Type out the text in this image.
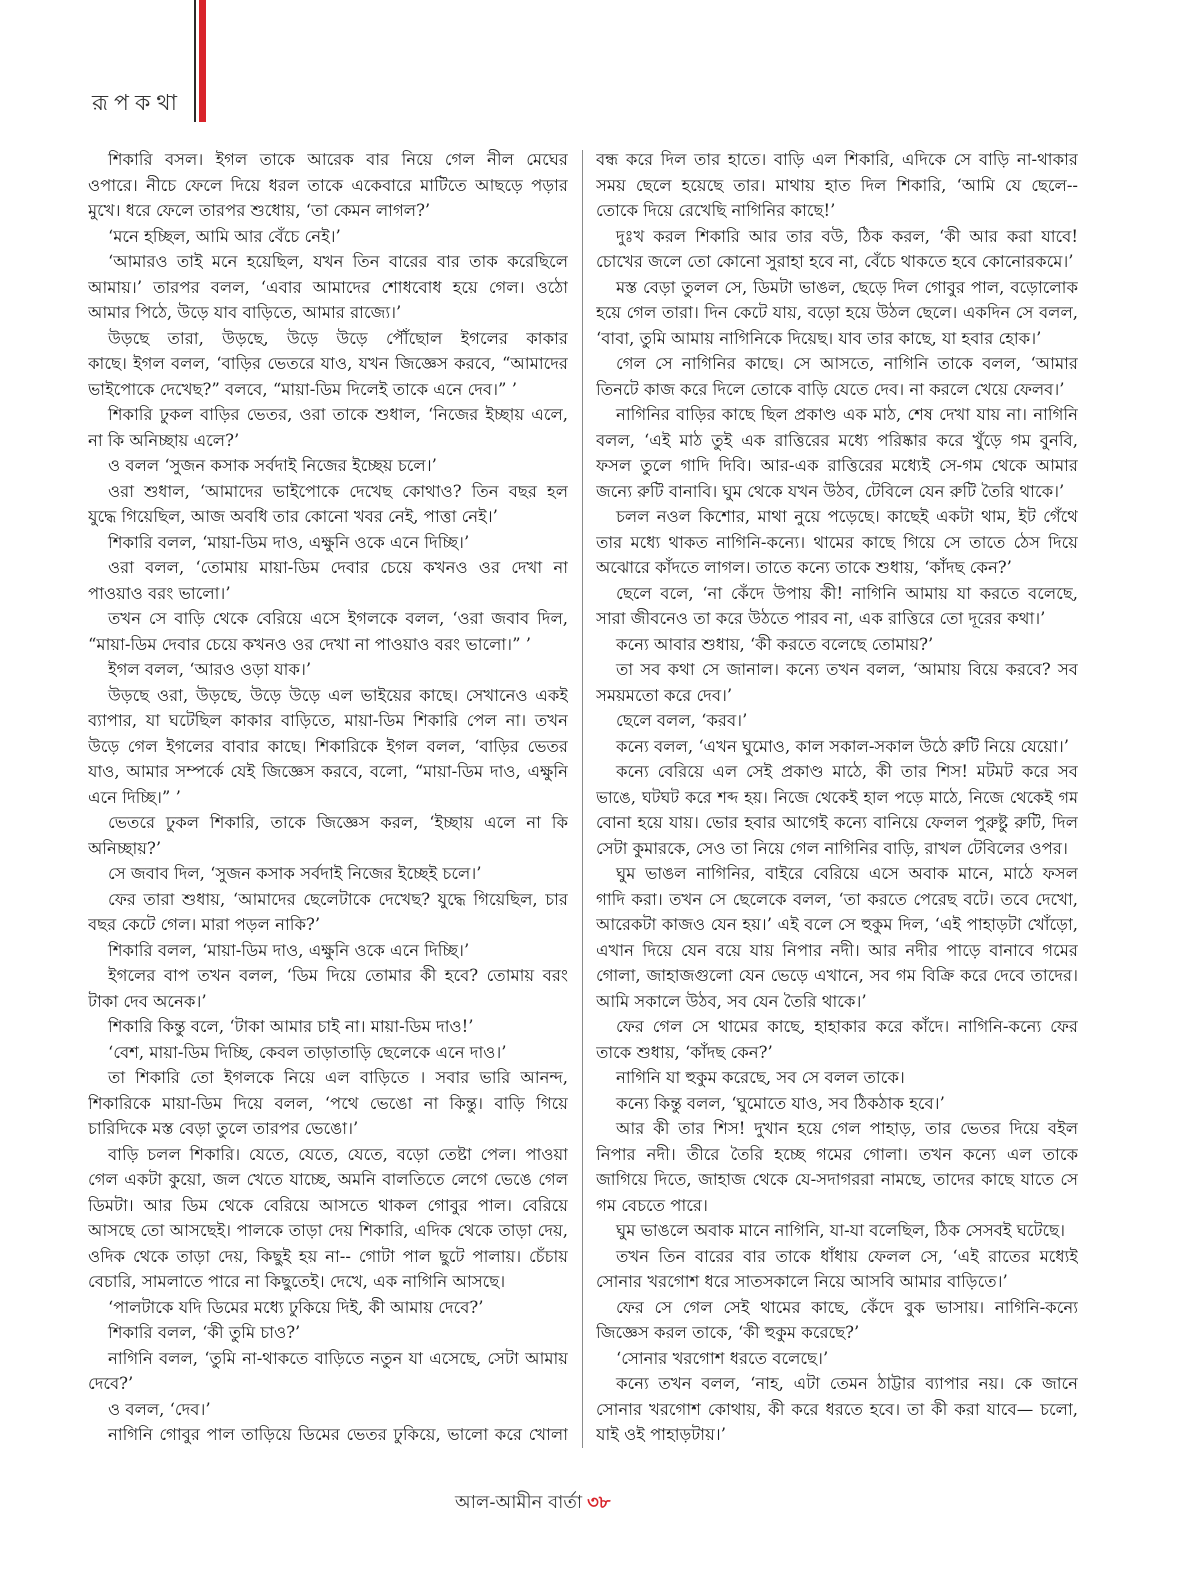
রূপকথা
শিকারি বসল। ইগল তাকে আরেক বার নিয়ে গেল নীল মেঘের
ওপারে। নীচে ফেলে দিয়ে ধরল তাকে একেবারে মাটিতে আছড়ে পড়ার
মুখে। ধরে ফেলে তারপর শুধোয়, ‘তা কেমন লাগল?’
‘মনে হচ্ছিল, আমি আর বেঁচে নেই।’
‘আমারও তাই মনে হয়েছিল, যখন তিন বারের বার তাক করেছিলে
আমায়।’ তারপর বলল, ‘এবার আমাদের শোধবোধ হয়ে গেল। ওঠো
আমার পিঠে, উড়ে যাব বাড়িতে, আমার রাজ্যে।’
উড়ছে তারা, উড়ছে, উড়ে উড়ে পৌঁছোল ইগলের কাকার
কাছে। ইগল বলল, ‘বাড়ির ভেতরে যাও, যখন জিজ্ঞেস করবে, “আমাদের
ভাইপোকে দেখেছ?” বলবে, “মায়া-ডিম দিলেই তাকে এনে দেব।” ’
শিকারি ঢুকল বাড়ির ভেতর, ওরা তাকে শুধাল, ‘নিজের ইচ্ছায় এলে,
না কি অনিচ্ছায় এলে?’
ও বলল ‘সুজন কসাক সর্বদাই নিজের ইচ্ছেয় চলে।’
ওরা শুধাল, ‘আমাদের ভাইপোকে দেখেছ কোথাও? তিন বছর হল
যুদ্ধে গিয়েছিল, আজ অবধি তার কোনো খবর নেই, পাত্তা নেই।’
শিকারি বলল, ‘মায়া-ডিম দাও, এক্ষুনি ওকে এনে দিচ্ছি।’
ওরা বলল, ‘তোমায় মায়া-ডিম দেবার চেয়ে কখনও ওর দেখা না
পাওয়াও বরং ভালো।’
তখন সে বাড়ি থেকে বেরিয়ে এসে ইগলকে বলল, ‘ওরা জবাব দিল,
“মায়া-ডিম দেবার চেয়ে কখনও ওর দেখা না পাওয়াও বরং ভালো।” ’
ইগল বলল, ‘আরও ওড়া যাক।’
উড়ছে ওরা, উড়ছে, উড়ে উড়ে এল ভাইয়ের কাছে। সেখানেও একই
ব্যাপার, যা ঘটেছিল কাকার বাড়িতে, মায়া-ডিম শিকারি পেল না। তখন
উড়ে গেল ইগলের বাবার কাছে। শিকারিকে ইগল বলল, ‘বাড়ির ভেতর
যাও, আমার সম্পর্কে যেই জিজ্ঞেস করবে, বলো, “মায়া-ডিম দাও, এক্ষুনি
এনে দিচ্ছি।” ’
ভেতরে ঢুকল শিকারি, তাকে জিজ্ঞেস করল, ‘ইচ্ছায় এলে না কি
অনিচ্ছায়?’
সে জবাব দিল, ‘সুজন কসাক সর্বদাই নিজের ইচ্ছেই চলে।’
ফের তারা শুধায়, ‘আমাদের ছেলেটাকে দেখেছ? যুদ্ধে গিয়েছিল, চার
বছর কেটে গেল। মারা পড়ল নাকি?’
শিকারি বলল, ‘মায়া-ডিম দাও, এক্ষুনি ওকে এনে দিচ্ছি।’
ইগলের বাপ তখন বলল, ‘ডিম দিয়ে তোমার কী হবে? তোমায় বরং
টাকা দেব অনেক।’
শিকারি কিন্তু বলে, ‘টাকা আমার চাই না। মায়া-ডিম দাও!’
‘বেশ, মায়া-ডিম দিচ্ছি, কেবল তাড়াতাড়ি ছেলেকে এনে দাও।’
তা শিকারি তো ইগলকে নিয়ে এল বাড়িতে । সবার ভারি আনন্দ,
শিকারিকে মায়া-ডিম দিয়ে বলল, ‘পথে ভেঙো না কিন্তু। বাড়ি গিয়ে
চারিদিকে মস্ত বেড়া তুলে তারপর ভেঙো।’
বাড়ি চলল শিকারি। যেতে, যেতে, যেতে, বড়ো তেষ্টা পেল। পাওয়া
গেল একটা কুয়ো, জল খেতে যাচ্ছে, অমনি বালতিতে লেগে ভেঙে গেল
ডিমটা। আর ডিম থেকে বেরিয়ে আসতে থাকল গোবুর পাল। বেরিয়ে
আসছে তো আসছেই। পালকে তাড়া দেয় শিকারি, এদিক থেকে তাড়া দেয়,
ওদিক থেকে তাড়া দেয়, কিছুই হয় না-- গোটা পাল ছুটে পালায়। চেঁচায়
বেচারি, সামলাতে পারে না কিছুতেই। দেখে, এক নাগিনি আসছে।
‘পালটাকে যদি ডিমের মধ্যে ঢুকিয়ে দিই, কী আমায় দেবে?’
শিকারি বলল, ‘কী তুমি চাও?’
নাগিনি বলল, ‘তুমি না-থাকতে বাড়িতে নতুন যা এসেছে, সেটা আমায়
দেবে?’
ও বলল, ‘দেব।’
নাগিনি গোবুর পাল তাড়িয়ে ডিমের ভেতর ঢুকিয়ে, ভালো করে খোলা
বন্ধ করে দিল তার হাতে। বাড়ি এল শিকারি, এদিকে সে বাড়ি না-থাকার
সময় ছেলে হয়েছে তার। মাথায় হাত দিল শিকারি, ‘আমি যে ছেলে--
তোকে দিয়ে রেখেছি নাগিনির কাছে!’
দুঃখ করল শিকারি আর তার বউ, ঠিক করল, ‘কী আর করা যাবে!
চোখের জলে তো কোনো সুরাহা হবে না, বেঁচে থাকতে হবে কোনোরকমে।’
মস্ত বেড়া তুলল সে, ডিমটা ভাঙল, ছেড়ে দিল গোবুর পাল, বড়োলোক
হয়ে গেল তারা। দিন কেটে যায়, বড়ো হয়ে উঠল ছেলে। একদিন সে বলল,
‘বাবা, তুমি আমায় নাগিনিকে দিয়েছ। যাব তার কাছে, যা হবার হোক।’
গেল সে নাগিনির কাছে। সে আসতে, নাগিনি তাকে বলল, ‘আমার
তিনটে কাজ করে দিলে তোকে বাড়ি যেতে দেব। না করলে খেয়ে ফেলব।’
নাগিনির বাড়ির কাছে ছিল প্রকাণ্ড এক মাঠ, শেষ দেখা যায় না। নাগিনি
বলল, ‘এই মাঠ তুই এক রাত্তিরের মধ্যে পরিষ্কার করে খুঁড়ে গম বুনবি,
ফসল তুলে গাদি দিবি। আর-এক রাত্তিরের মধ্যেই সে-গম থেকে আমার
জন্যে রুটি বানাবি। ঘুম থেকে যখন উঠব, টেবিলে যেন রুটি তৈরি থাকে।’
চলল নওল কিশোর, মাথা নুয়ে পড়েছে। কাছেই একটা থাম, ইট গেঁথে
তার মধ্যে থাকত নাগিনি-কন্যে। থামের কাছে গিয়ে সে তাতে ঠেস দিয়ে
অঝোরে কাঁদতে লাগল। তাতে কন্যে তাকে শুধায়, ‘কাঁদছ কেন?’
ছেলে বলে, ‘না কেঁদে উপায় কী! নাগিনি আমায় যা করতে বলেছে,
সারা জীবনেও তা করে উঠতে পারব না, এক রাত্তিরে তো দূরের কথা।’
কন্যে আবার শুধায়, ‘কী করতে বলেছে তোমায়?’
তা সব কথা সে জানাল। কন্যে তখন বলল, ‘আমায় বিয়ে করবে? সব
সময়মতো করে দেব।’
ছেলে বলল, ‘করব।’
কন্যে বলল, ‘এখন ঘুমোও, কাল সকাল-সকাল উঠে রুটি নিয়ে যেয়ো।’
কন্যে বেরিয়ে এল সেই প্রকাণ্ড মাঠে, কী তার শিস! মটমট করে সব
ভাঙে, ঘটঘট করে শব্দ হয়। নিজে থেকেই হাল পড়ে মাঠে, নিজে থেকেই গম
বোনা হয়ে যায়। ভোর হবার আগেই কন্যে বানিয়ে ফেলল পুরুষ্টু রুটি, দিল
সেটা কুমারকে, সেও তা নিয়ে গেল নাগিনির বাড়ি, রাখল টেবিলের ওপর।
ঘুম ভাঙল নাগিনির, বাইরে বেরিয়ে এসে অবাক মানে, মাঠে ফসল
গাদি করা। তখন সে ছেলেকে বলল, ‘তা করতে পেরেছ বটে। তবে দেখো,
আরেকটা কাজও যেন হয়।’ এই বলে সে হুকুম দিল, ‘এই পাহাড়টা খোঁড়ো,
এখান দিয়ে যেন বয়ে যায় নিপার নদী। আর নদীর পাড়ে বানাবে গমের
গোলা, জাহাজগুলো যেন ভেড়ে এখানে, সব গম বিক্রি করে দেবে তাদের।
আমি সকালে উঠব, সব যেন তৈরি থাকে।’
ফের গেল সে থামের কাছে, হাহাকার করে কাঁদে। নাগিনি-কন্যে ফের
তাকে শুধায়, ‘কাঁদছ কেন?’
নাগিনি যা হুকুম করেছে, সব সে বলল তাকে।
কন্যে কিন্তু বলল, ‘ঘুমোতে যাও, সব ঠিকঠাক হবে।’
আর কী তার শিস! দুখান হয়ে গেল পাহাড়, তার ভেতর দিয়ে বইল
নিপার নদী। তীরে তৈরি হচ্ছে গমের গোলা। তখন কন্যে এল তাকে
জাগিয়ে দিতে, জাহাজ থেকে যে-সদাগররা নামছে, তাদের কাছে যাতে সে
গম বেচতে পারে।
ঘুম ভাঙলে অবাক মানে নাগিনি, যা-যা বলেছিল, ঠিক সেসবই ঘটেছে।
তখন তিন বারের বার তাকে ধাঁধায় ফেলল সে, ‘এই রাতের মধ্যেই
সোনার খরগোশ ধরে সাতসকালে নিয়ে আসবি আমার বাড়িতে।’
ফের সে গেল সেই থামের কাছে, কেঁদে বুক ভাসায়। নাগিনি-কন্যে
জিজ্ঞেস করল তাকে, ‘কী হুকুম করেছে?’
‘সোনার খরগোশ ধরতে বলেছে।’
কন্যে তখন বলল, ‘নাহ, এটা তেমন ঠাট্টার ব্যাপার নয়। কে জানে
সোনার খরগোশ কোথায়, কী করে ধরতে হবে। তা কী করা যাবে— চলো,
যাই ওই পাহাড়টায়।’
আল-আমীন বার্তা ৩৮
